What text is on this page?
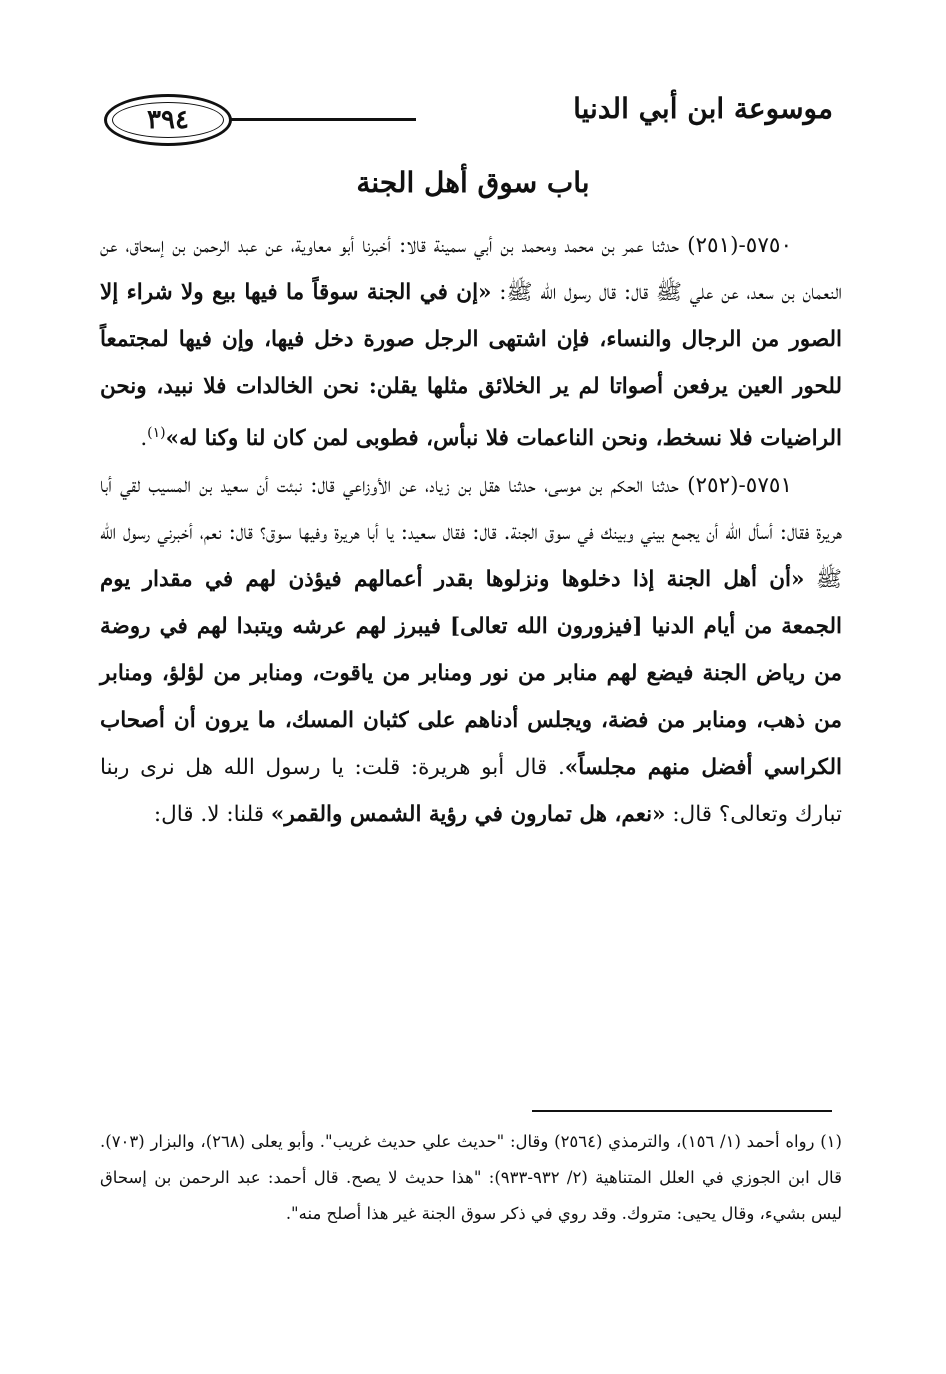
٣٩٤	موسوعة ابن أبي الدنيا
باب سوق أهل الجنة

٥٧٥٠-(٢٥١) حدثنا عمر بن محمد ومحمد بن أبي سمينة قالا: أخبرنا أبو معاوية، عن عبد الرحمن بن إسحاق، عن النعمان بن سعد، عن علي ﷺ قال: قال رسول الله ﷺ: «إن في الجنة سوقاً ما فيها بيع ولا شراء إلا الصور من الرجال والنساء، فإن اشتهى الرجل صورة دخل فيها، وإن فيها لمجتمعاً للحور العين يرفعن أصواتا لم ير الخلائق مثلها يقلن: نحن الخالدات فلا نبيد، ونحن الراضيات فلا نسخط، ونحن الناعمات فلا نبأس، فطوبى لمن كان لنا وكنا له»$^{(١)}$.

٥٧٥١-(٢٥٢) حدثنا الحكم بن موسى، حدثنا هقل بن زياد، عن الأوزاعي قال: نبئت أن سعيد بن المسيب لقي أبا هريرة فقال: أسأل الله أن يجمع بيني وبينك في سوق الجنة. قال: فقال سعيد: يا أبا هريرة وفيها سوق؟ قال: نعم، أخبرني رسول الله ﷺ «أن أهل الجنة إذا دخلوها ونزلوها بقدر أعمالهم فيؤذن لهم في مقدار يوم الجمعة من أيام الدنيا [فيزورون الله تعالى] فيبرز لهم عرشه ويتبدا لهم في روضة من رياض الجنة فيضع لهم منابر من نور ومنابر من ياقوت، ومنابر من لؤلؤ، ومنابر من ذهب، ومنابر من فضة، ويجلس أدناهم على كثبان المسك، ما يرون أن أصحاب الكراسي أفضل منهم مجلساً». قال أبو هريرة: قلت: يا رسول الله هل نرى ربنا تبارك وتعالى؟ قال: «نعم، هل تمارون في رؤية الشمس والقمر» قلنا: لا. قال:

(١) رواه أحمد (١/ ١٥٦)، والترمذي (٢٥٦٤) وقال: "حديث علي حديث غريب". وأبو يعلى (٢٦٨)، والبزار (٧٠٣). قال ابن الجوزي في العلل المتناهية (٢/ ٩٣٢-٩٣٣): "هذا حديث لا يصح. قال أحمد: عبد الرحمن بن إسحاق ليس بشيء، وقال يحيى: متروك. وقد روي في ذكر سوق الجنة غير هذا أصلح منه".
